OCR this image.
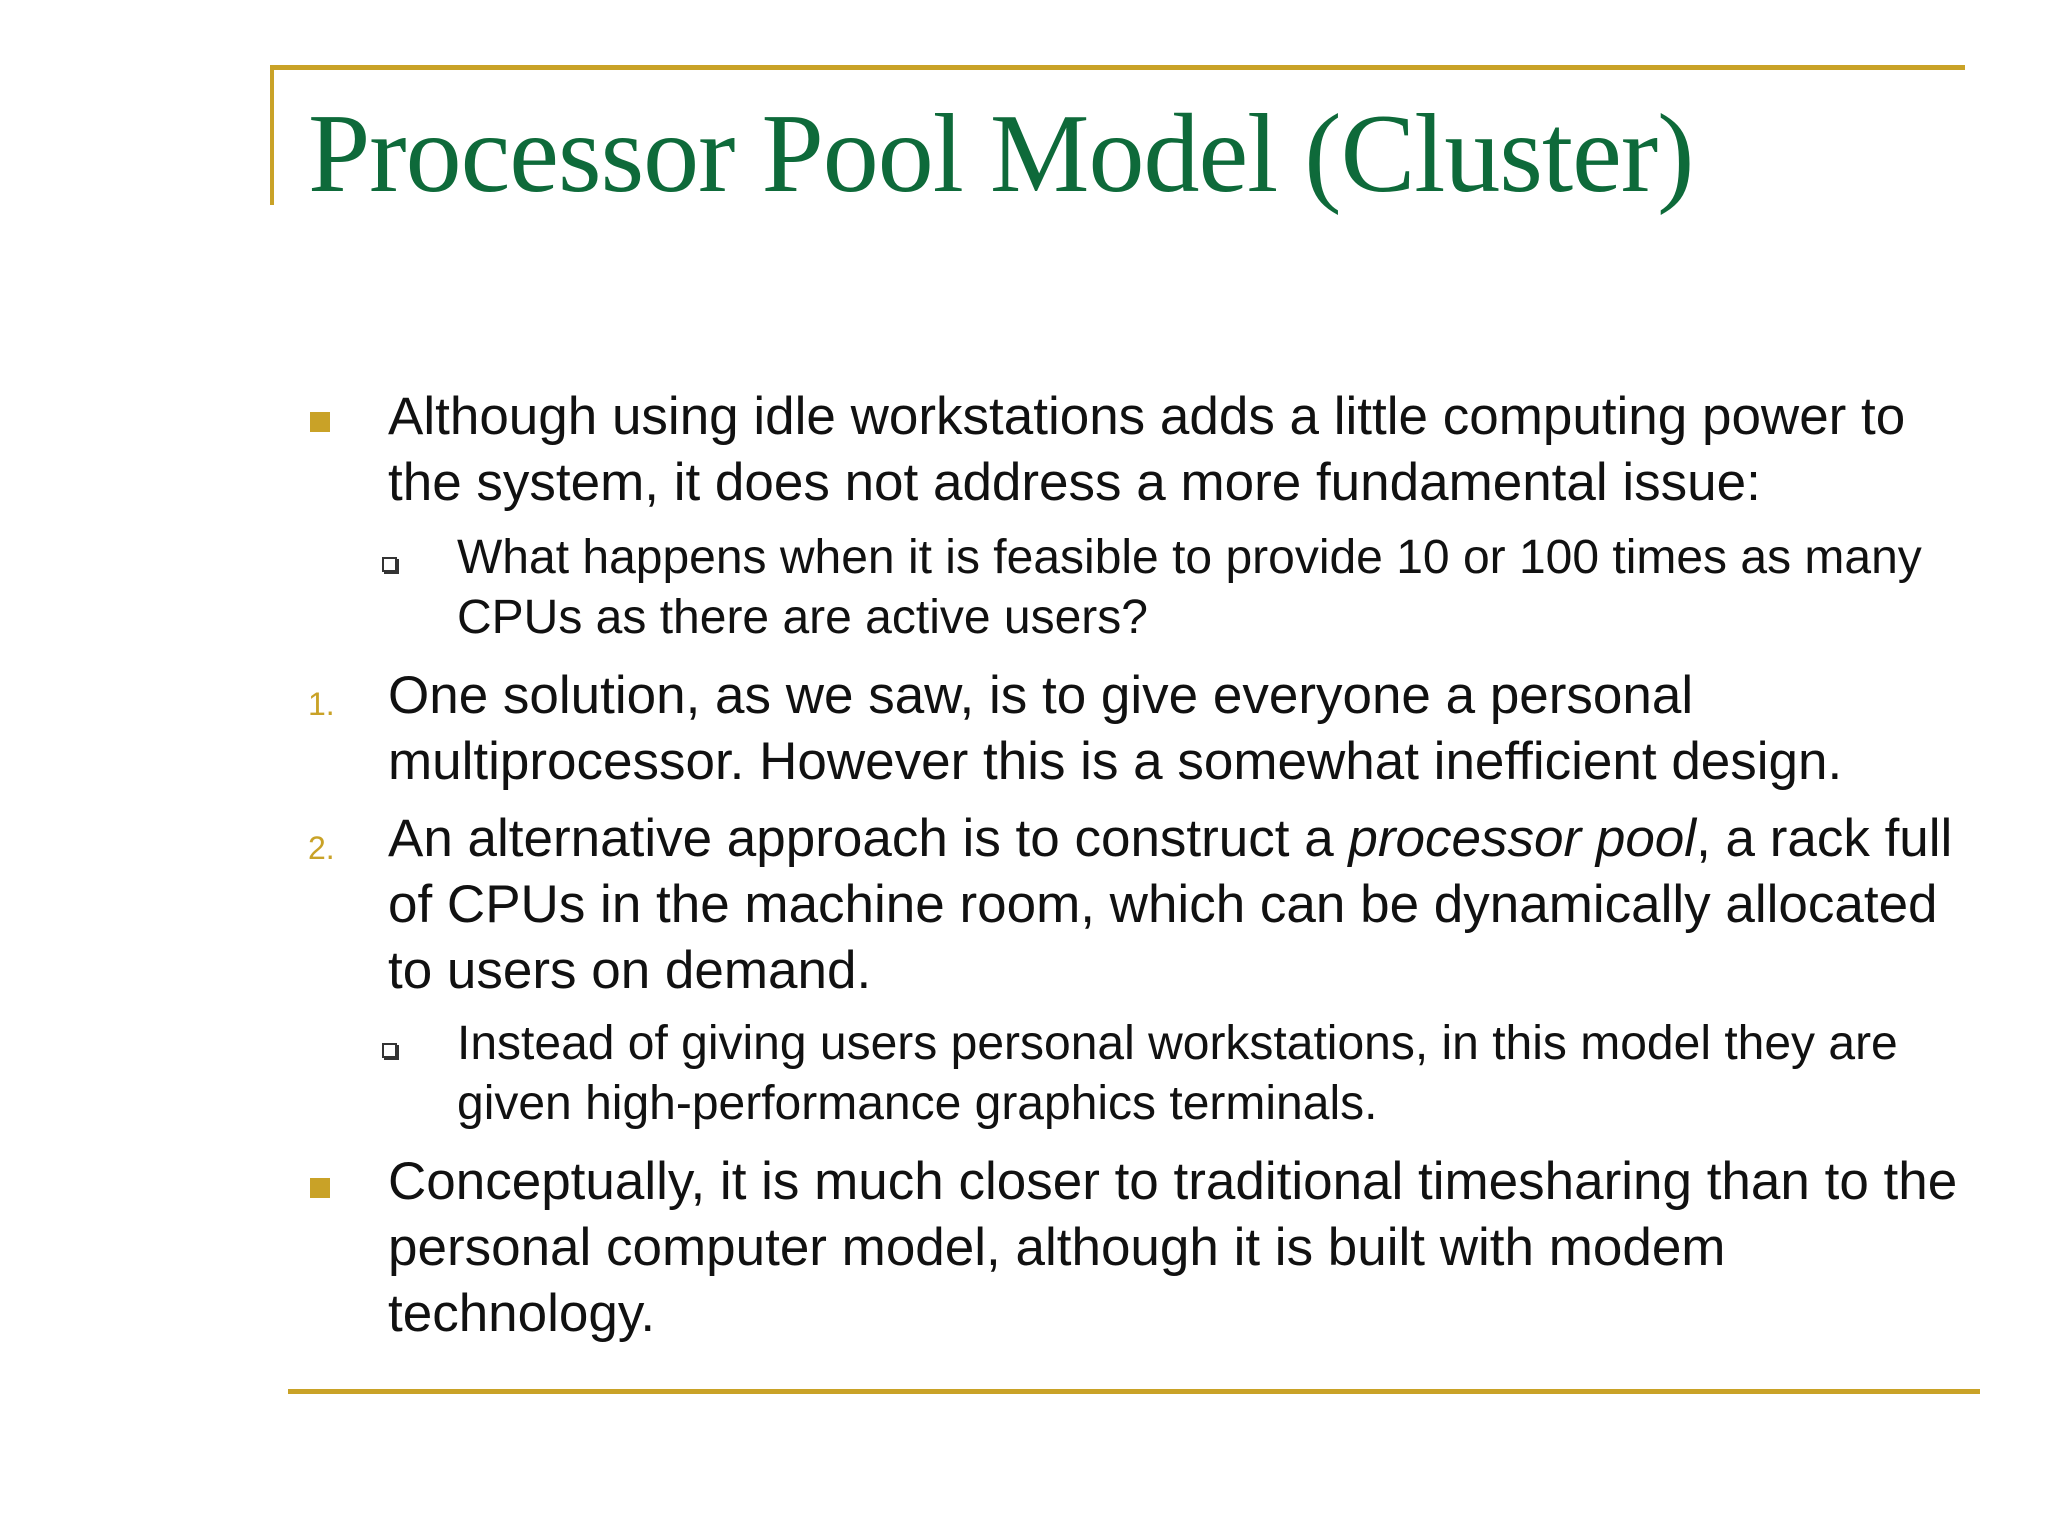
Processor Pool Model (Cluster)
Although using idle workstations adds a little computing power to the system, it does not address a more fundamental issue:
What happens when it is feasible to provide 10 or 100 times as many CPUs as there are active users?
1. One solution, as we saw, is to give everyone a personal multiprocessor. However this is a somewhat inefficient design.
2. An alternative approach is to construct a processor pool, a rack full of CPUs in the machine room, which can be dynamically allocated to users on demand.
Instead of giving users personal workstations, in this model they are given high-performance graphics terminals.
Conceptually, it is much closer to traditional timesharing than to the personal computer model, although it is built with modem technology.
